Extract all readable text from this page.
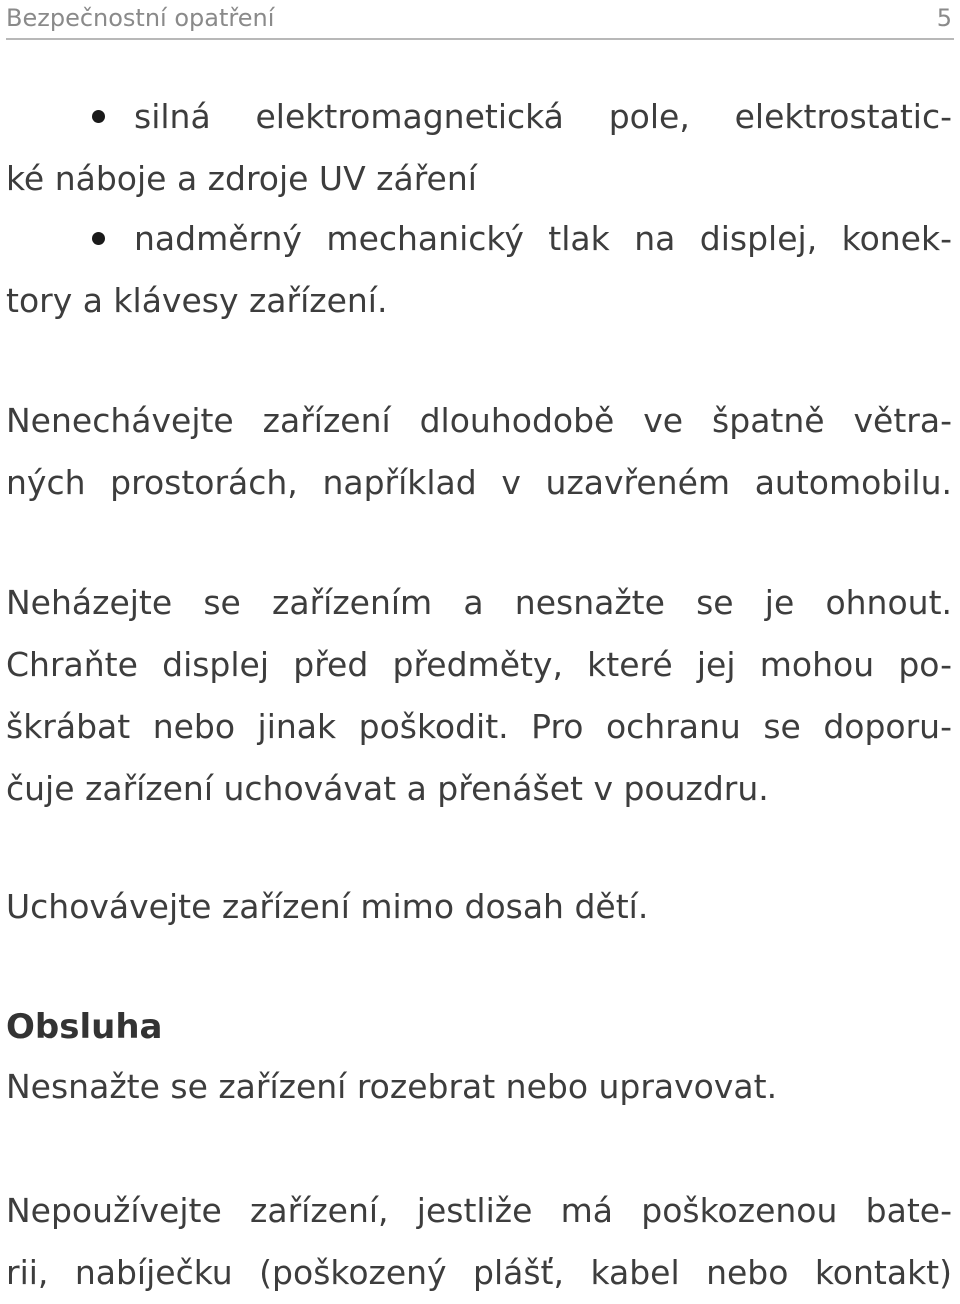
Bezpečnostní opatření	5
silná elektromagnetická pole, elektrostatic-
ké náboje a zdroje UV záření
nadměrný mechanický tlak na displej, konek-
tory a klávesy zařízení.
Nenechávejte zařízení dlouhodobě ve špatně větra-
ných prostorách, například v uzavřeném automobilu.
Neházejte se zařízením a nesnažte se je ohnout.
Chraňte displej před předměty, které jej mohou po-
škrábat nebo jinak poškodit. Pro ochranu se doporu-
čuje zařízení uchovávat a přenášet v pouzdru.
Uchovávejte zařízení mimo dosah dětí.

Obsluha

Nesnažte se zařízení rozebrat nebo upravovat.

Nepoužívejte zařízení, jestliže má poškozenou bate-
rii, nabíječku (poškozený plášť, kabel nebo kontakt)
